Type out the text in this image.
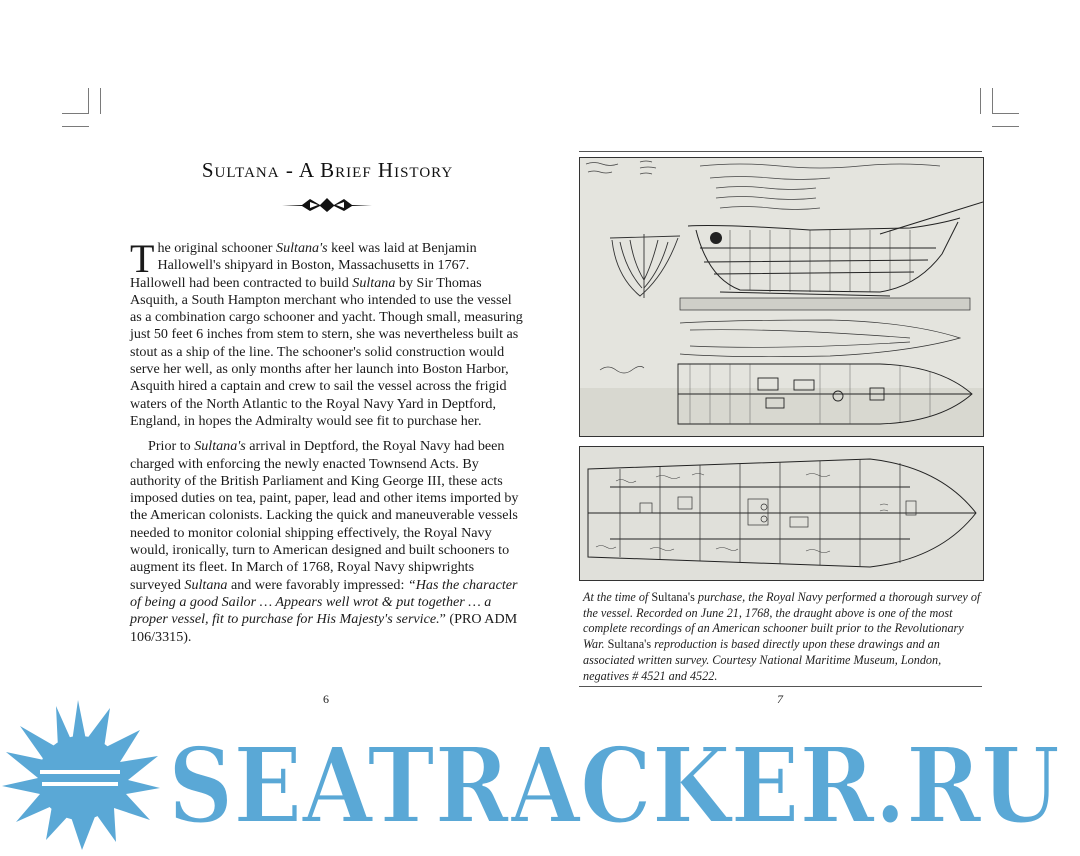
Sultana - A Brief History

The original schooner Sultana's keel was laid at Benjamin Hallowell's shipyard in Boston, Massachusetts in 1767. Hallowell had been contracted to build Sultana by Sir Thomas Asquith, a South Hampton merchant who intended to use the vessel as a combination cargo schooner and yacht. Though small, measuring just 50 feet 6 inches from stem to stern, she was nevertheless built as stout as a ship of the line. The schooner's solid construction would serve her well, as only months after her launch into Boston Harbor, Asquith hired a captain and crew to sail the vessel across the frigid waters of the North Atlantic to the Royal Navy Yard in Deptford, England, in hopes the Admiralty would see fit to purchase her.

Prior to Sultana's arrival in Deptford, the Royal Navy had been charged with enforcing the newly enacted Townsend Acts. By authority of the British Parliament and King George III, these acts imposed duties on tea, paint, paper, lead and other items imported by the American colonists. Lacking the quick and maneuverable vessels needed to monitor colonial shipping effectively, the Royal Navy would, ironically, turn to American designed and built schooners to augment its fleet. In March of 1768, Royal Navy shipwrights surveyed Sultana and were favorably impressed: “Has the character of being a good Sailor … Appears well wrot & put together … a proper vessel, fit to purchase for His Majesty's service.” (PRO ADM 106/3315).

6
At the time of Sultana's purchase, the Royal Navy performed a thorough survey of the vessel. Recorded on June 21, 1768, the draught above is one of the most complete recordings of an American schooner built prior to the Revolutionary War. Sultana's reproduction is based directly upon these drawings and an associated written survey. Courtesy National Maritime Museum, London, negatives # 4521 and 4522.
7
SEATRACKER.RU
